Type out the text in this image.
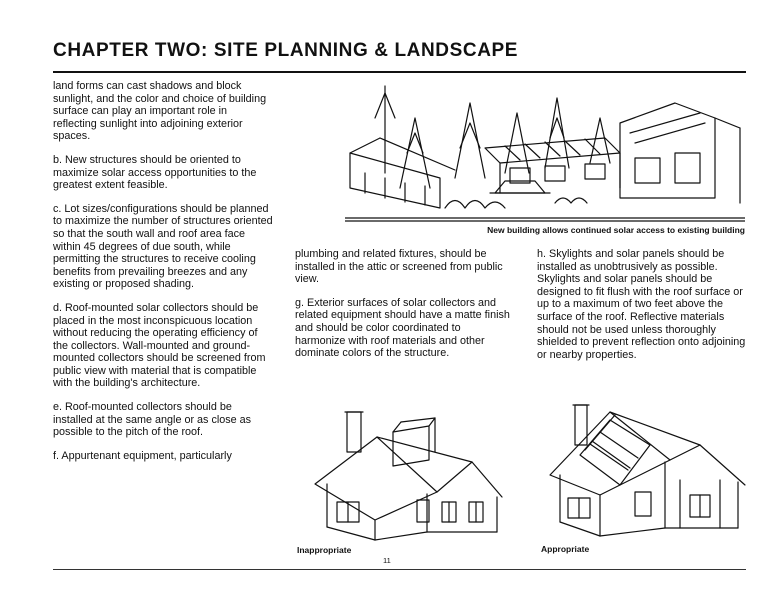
CHAPTER TWO: SITE PLANNING & LANDSCAPE

land forms can cast shadows and block sunlight, and the color and choice of building surface can play an important role in reflecting sunlight into adjoining exterior spaces.

b. New structures should be oriented to maximize solar access opportunities to the greatest extent feasible.

c. Lot sizes/configurations should be planned to maximize the number of structures oriented so that the south wall and roof area face within 45 degrees of due south, while permitting the structures to receive cooling benefits from prevailing breezes and any existing or proposed shading.

d. Roof-mounted solar collectors should be placed in the most inconspicuous location without reducing the operating efficiency of the collectors. Wall-mounted and ground-mounted collectors should be screened from public view with material that is compatible with the building's architecture.

e. Roof-mounted collectors should be installed at the same angle or as close as possible to the pitch of the roof.

f. Appurtenant equipment, particularly

New building allows continued solar access to existing building

plumbing and related fixtures, should be installed in the attic or screened from public view.

g. Exterior surfaces of solar collectors and related equipment should have a matte finish and should be color coordinated to harmonize with roof materials and other dominate colors of the structure.

h. Skylights and solar panels should be installed as unobtrusively as possible. Skylights and solar panels should be designed to fit flush with the roof surface or up to a maximum of two feet above the surface of the roof. Reflective materials should not be used unless thoroughly shielded to prevent reflection onto adjoining or nearby properties.

Inappropriate	Appropriate
11
